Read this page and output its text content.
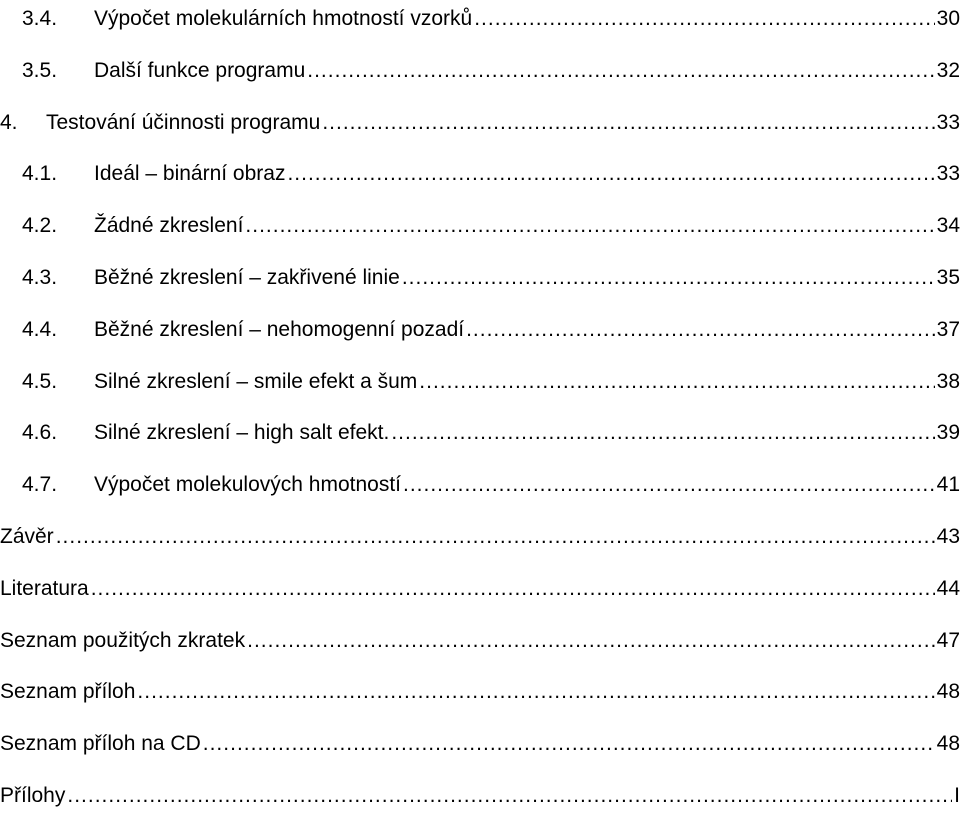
3.4.	Výpočet molekulárních hmotností vzorků .....	30
3.5.	Další funkce programu .....	32
4.	Testování účinnosti programu .....	33
4.1.	Ideál – binární obraz .....	33
4.2.	Žádné zkreslení .....	34
4.3.	Běžné zkreslení – zakřivené linie .....	35
4.4.	Běžné zkreslení – nehomogenní pozadí .....	37
4.5.	Silné zkreslení – smile efekt a šum .....	38
4.6.	Silné zkreslení – high salt efekt. .....	39
4.7.	Výpočet molekulových hmotností .....	41
Závěr .....	43
Literatura .....	44
Seznam použitých zkratek .....	47
Seznam příloh .....	48
Seznam příloh na CD .....	48
Přílohy .....	I
